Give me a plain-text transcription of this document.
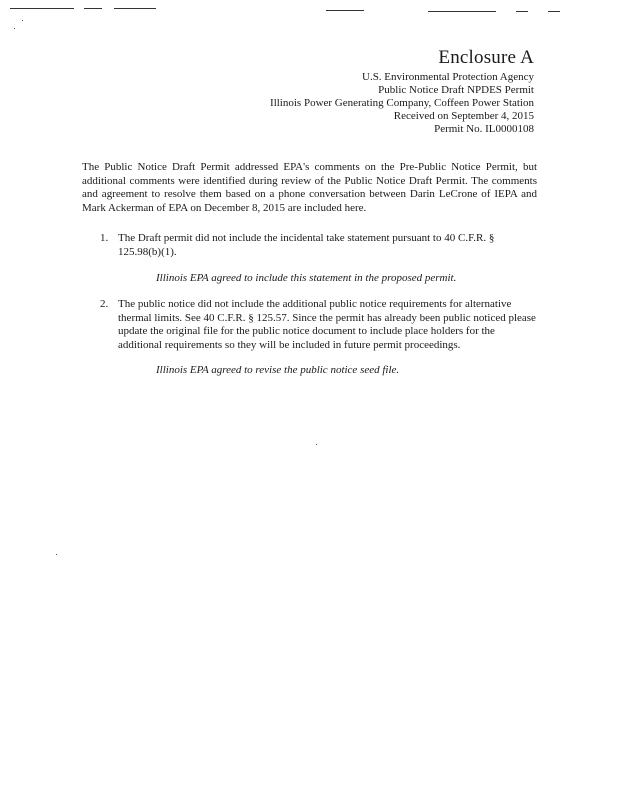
Enclosure A
U.S. Environmental Protection Agency
Public Notice Draft NPDES Permit
Illinois Power Generating Company, Coffeen Power Station
Received on September 4, 2015
Permit No. IL0000108
The Public Notice Draft Permit addressed EPA's comments on the Pre-Public Notice Permit, but additional comments were identified during review of the Public Notice Draft Permit. The comments and agreement to resolve them based on a phone conversation between Darin LeCrone of IEPA and Mark Ackerman of EPA on December 8, 2015 are included here.
1. The Draft permit did not include the incidental take statement pursuant to 40 C.F.R. § 125.98(b)(1).
Illinois EPA agreed to include this statement in the proposed permit.
2. The public notice did not include the additional public notice requirements for alternative thermal limits. See 40 C.F.R. § 125.57. Since the permit has already been public noticed please update the original file for the public notice document to include place holders for the additional requirements so they will be included in future permit proceedings.
Illinois EPA agreed to revise the public notice seed file.
